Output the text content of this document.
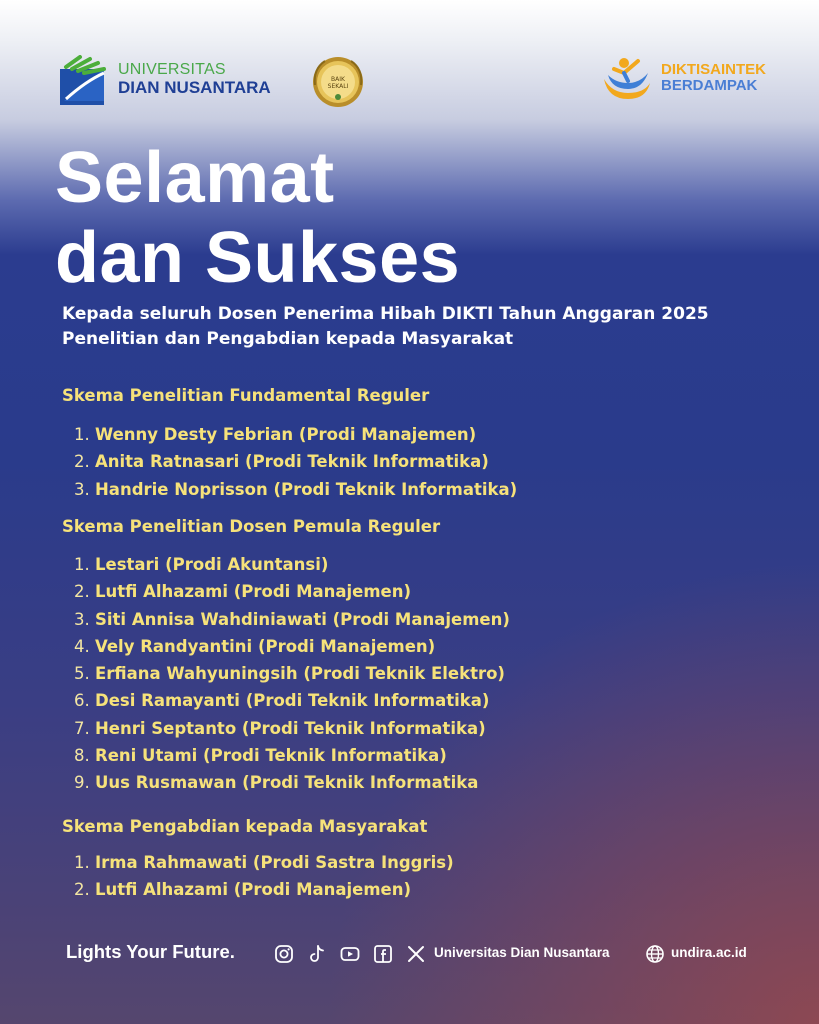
UNIVERSITAS
DIAN NUSANTARA	BAIK
SEKALI
DIKTISAINTEK
BERDAMPAK
Selamat
dan Sukses
Kepada seluruh Dosen Penerima Hibah DIKTI Tahun Anggaran 2025
Penelitian dan Pengabdian kepada Masyarakat
Skema Penelitian Fundamental Reguler
1. Wenny Desty Febrian (Prodi Manajemen)
2. Anita Ratnasari (Prodi Teknik Informatika)
3. Handrie Noprisson (Prodi Teknik Informatika)
Skema Penelitian Dosen Pemula Reguler
1. Lestari (Prodi Akuntansi)
2. Lutfi Alhazami (Prodi Manajemen)
3. Siti Annisa Wahdiniawati (Prodi Manajemen)
4. Vely Randyantini (Prodi Manajemen)
5. Erfiana Wahyuningsih (Prodi Teknik Elektro)
6. Desi Ramayanti (Prodi Teknik Informatika)
7. Henri Septanto (Prodi Teknik Informatika)
8. Reni Utami (Prodi Teknik Informatika)
9. Uus Rusmawan (Prodi Teknik Informatika
Skema Pengabdian kepada Masyarakat
1. Irma Rahmawati (Prodi Sastra Inggris)
2. Lutfi Alhazami (Prodi Manajemen)
Lights Your Future.	Universitas Dian Nusantara	undira.ac.id
